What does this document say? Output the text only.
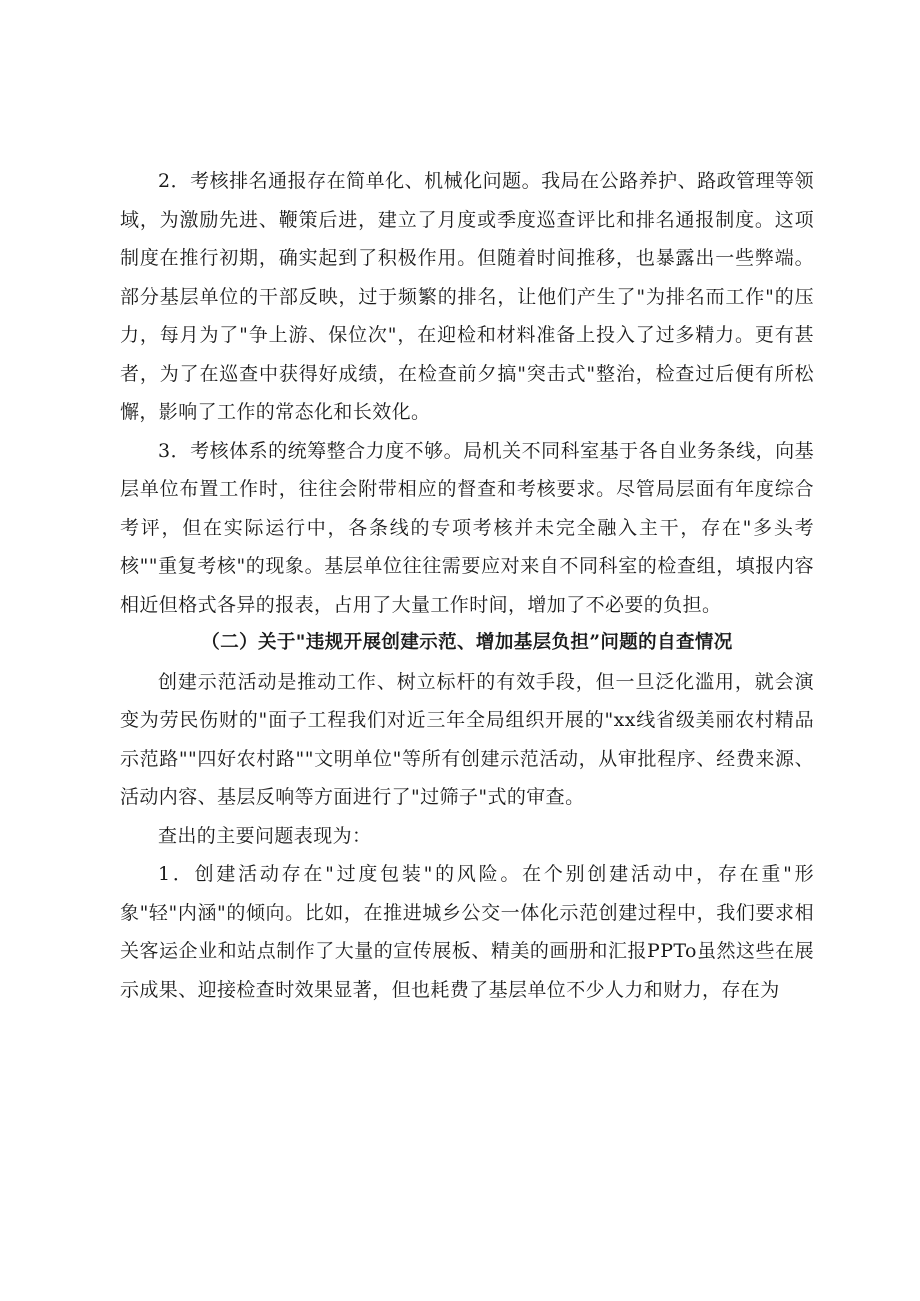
2．考核排名通报存在简单化、机械化问题。我局在公路养护、路政管理等领域，为激励先进、鞭策后进，建立了月度或季度巡查评比和排名通报制度。这项制度在推行初期，确实起到了积极作用。但随着时间推移，也暴露出一些弊端。部分基层单位的干部反映，过于频繁的排名，让他们产生了"为排名而工作"的压力，每月为了"争上游、保位次"，在迎检和材料准备上投入了过多精力。更有甚者，为了在巡查中获得好成绩，在检查前夕搞"突击式"整治，检查过后便有所松懈，影响了工作的常态化和长效化。

3．考核体系的统筹整合力度不够。局机关不同科室基于各自业务条线，向基层单位布置工作时，往往会附带相应的督查和考核要求。尽管局层面有年度综合考评，但在实际运行中，各条线的专项考核并未完全融入主干，存在"多头考核""重复考核"的现象。基层单位往往需要应对来自不同科室的检查组，填报内容相近但格式各异的报表，占用了大量工作时间，增加了不必要的负担。

（二）关于"违规开展创建示范、增加基层负担”问题的自查情况

创建示范活动是推动工作、树立标杆的有效手段，但一旦泛化滥用，就会演变为劳民伤财的"面子工程我们对近三年全局组织开展的"xx线省级美丽农村精品示范路""四好农村路""文明单位"等所有创建示范活动，从审批程序、经费来源、活动内容、基层反响等方面进行了"过筛子"式的审查。

查出的主要问题表现为：

1．创建活动存在"过度包装"的风险。在个别创建活动中，存在重"形象"轻"内涵"的倾向。比如，在推进城乡公交一体化示范创建过程中，我们要求相关客运企业和站点制作了大量的宣传展板、精美的画册和汇报PPTo虽然这些在展示成果、迎接检查时效果显著，但也耗费了基层单位不少人力和财力，存在为
